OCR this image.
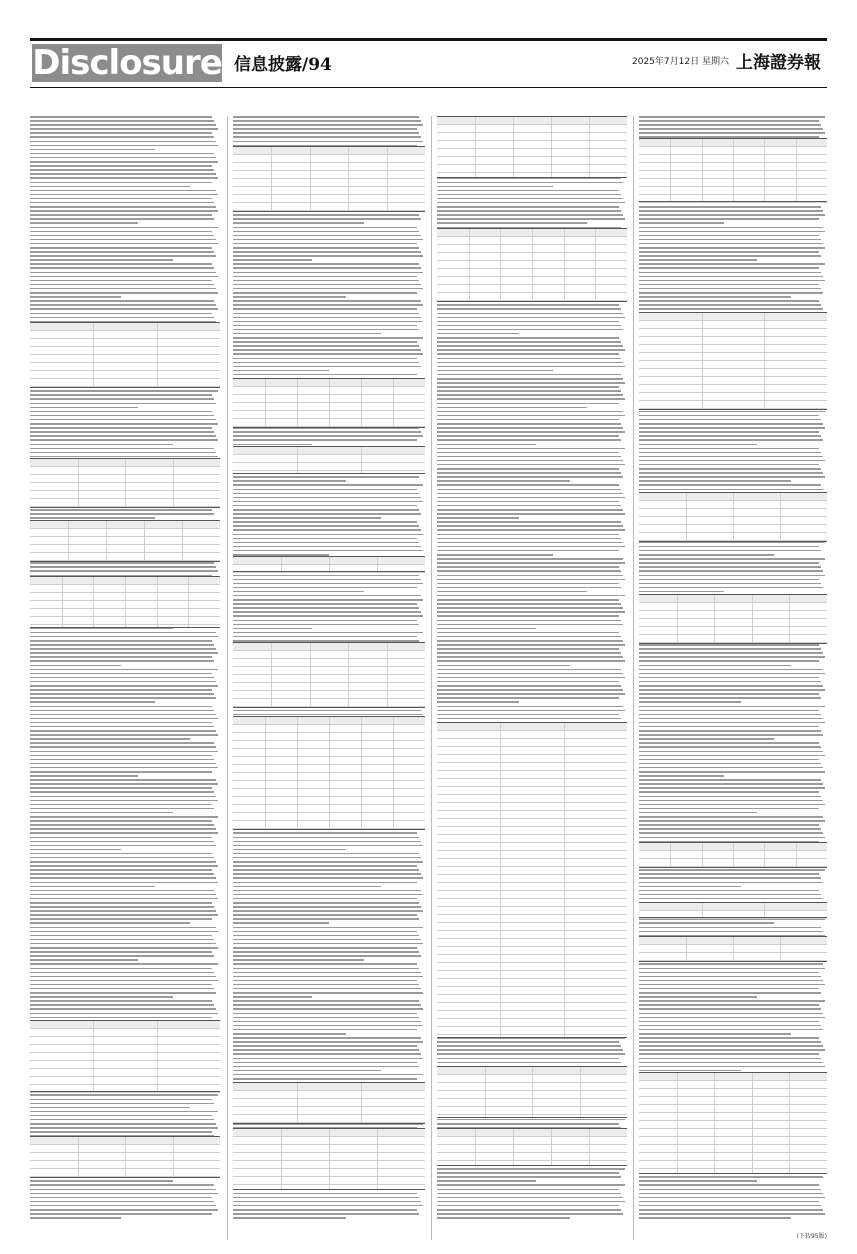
Disclosure 信息披露/94	2025年7月12日 星期六 上海證券報
(下转95版)
